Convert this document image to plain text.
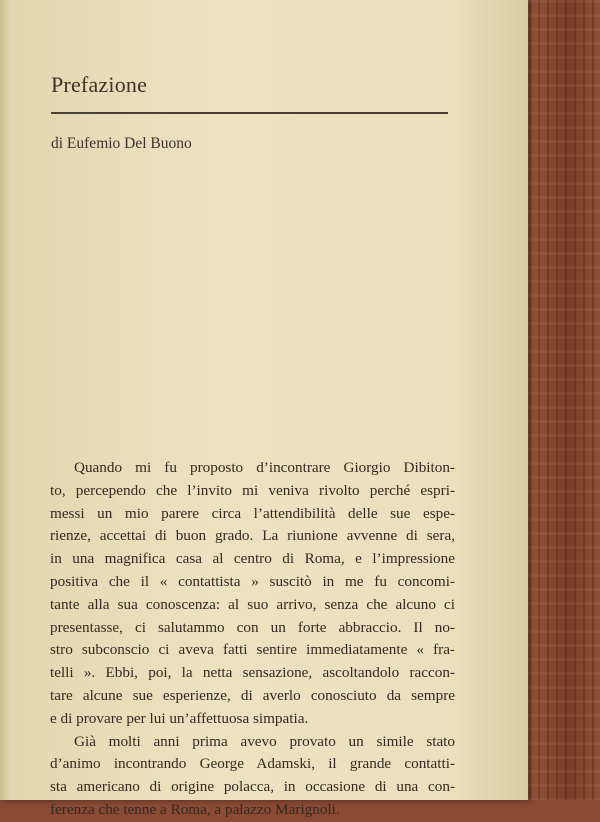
Prefazione
di Eufemio Del Buono
Quando mi fu proposto d’incontrare Giorgio Dibiton-
to, percependo che l’invito mi veniva rivolto perché espri-
messi un mio parere circa l’attendibilità delle sue espe-
rienze, accettai di buon grado. La riunione avvenne di sera,
in una magnifica casa al centro di Roma, e l’impressione
positiva che il « contattista » suscitò in me fu concomi-
tante alla sua conoscenza: al suo arrivo, senza che alcuno ci
presentasse, ci salutammo con un forte abbraccio. Il no-
stro subconscio ci aveva fatti sentire immediatamente « fra-
telli ». Ebbi, poi, la netta sensazione, ascoltandolo raccon-
tare alcune sue esperienze, di averlo conosciuto da sempre
e di provare per lui un’affettuosa simpatia.
Già molti anni prima avevo provato un simile stato
d’animo incontrando George Adamski, il grande contatti-
sta americano di origine polacca, in occasione di una con-
ferenza che tenne a Roma, a palazzo Marignoli.
